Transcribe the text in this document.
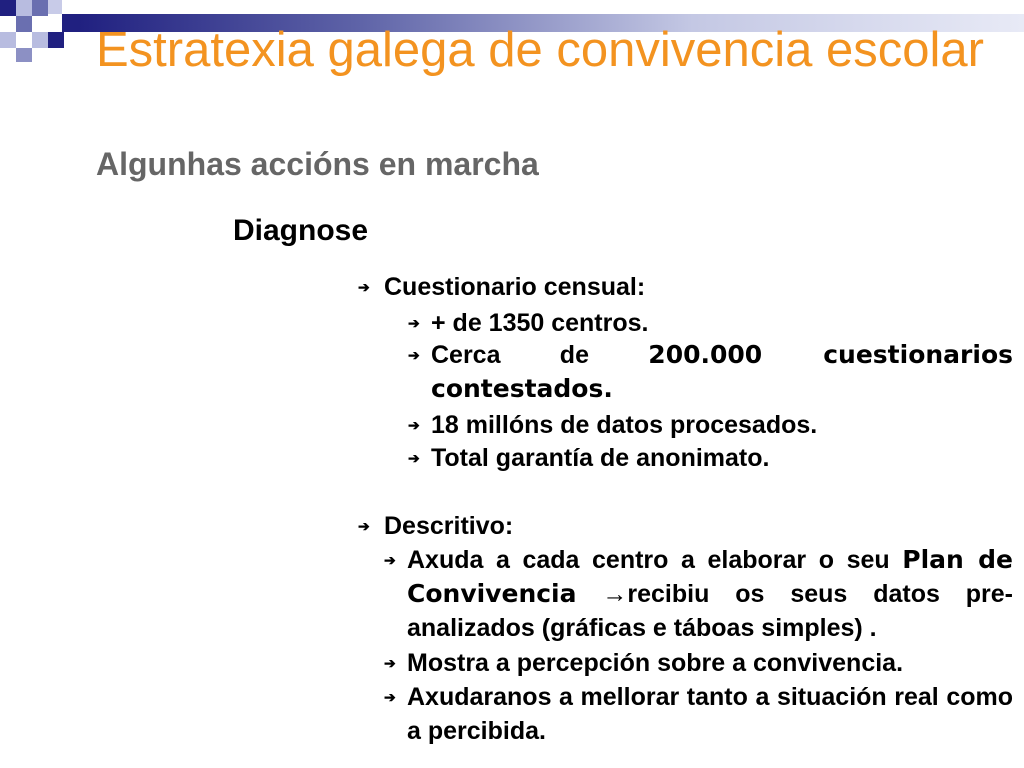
Estratexia galega de convivencia escolar
Algunhas accións en marcha
Diagnose
➔ Cuestionario censual:
➔ + de 1350 centros.
➔ Cerca de 200.000 cuestionarios contestados.
➔ 18 millóns de datos procesados.
➔ Total garantía de anonimato.
➔ Descritivo:
➔ Axuda a cada centro a elaborar o seu Plan de Convivencia →recibiu os seus datos pre-analizados (gráficas e táboas simples) .
➔ Mostra a percepción sobre a convivencia.
➔ Axudaranos a mellorar tanto a situación real como a percibida.
